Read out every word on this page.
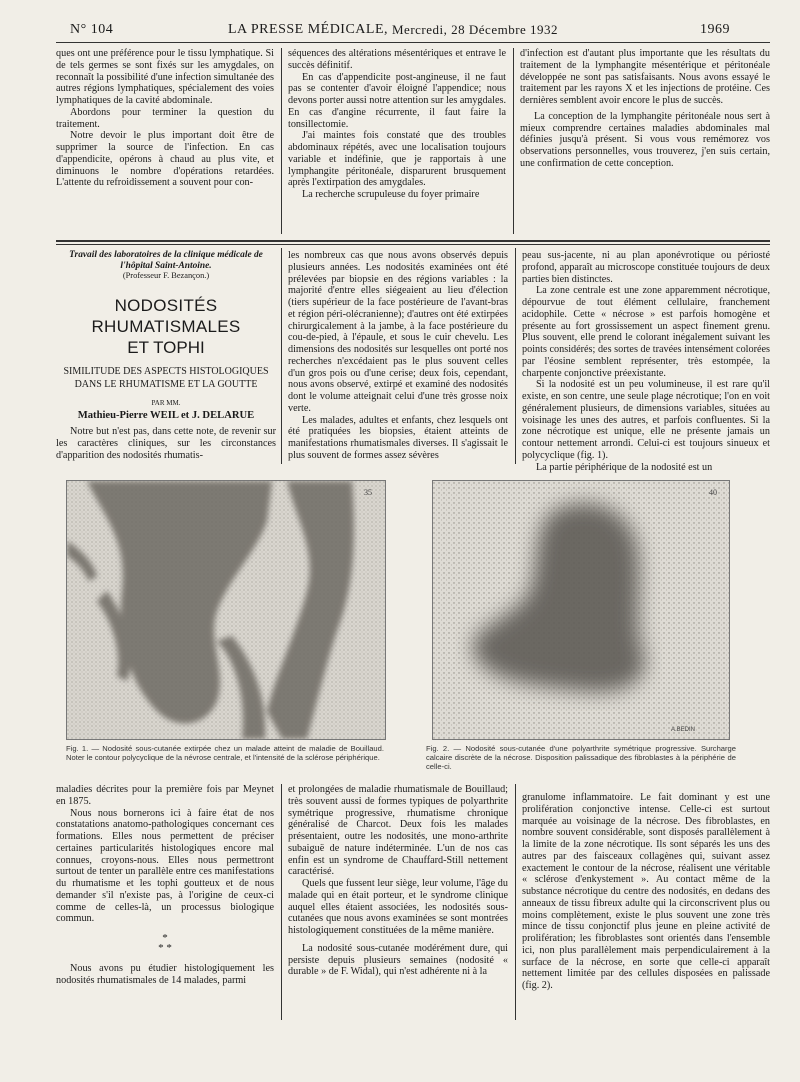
N° 104	LA PRESSE MÉDICALE, Mercredi, 28 Décembre 1932	1969

ques ont une préférence pour le tissu lymphatique. Si de tels germes se sont fixés sur les amygdales, on reconnaît la possibilité d'une infection simultanée des autres régions lymphatiques, spécialement des voies lymphatiques de la cavité abdominale.

Abordons pour terminer la question du traitement.

Notre devoir le plus important doit être de supprimer la source de l'infection. En cas d'appendicite, opérons à chaud au plus vite, et diminuons le nombre d'opérations retardées. L'attente du refroidissement a souvent pour con-

séquences des altérations mésentériques et entrave le succès définitif.

En cas d'appendicite post-angineuse, il ne faut pas se contenter d'avoir éloigné l'appendice; nous devons porter aussi notre attention sur les amygdales. En cas d'angine récurrente, il faut faire la tonsillectomie.

J'ai maintes fois constaté que des troubles abdominaux répétés, avec une localisation toujours variable et indéfinie, que je rapportais à une lymphangite péritonéale, disparurent brusquement après l'extirpation des amygdales.

La recherche scrupuleuse du foyer primaire

d'infection est d'autant plus importante que les résultats du traitement de la lymphangite mésentérique et péritonéale développée ne sont pas satisfaisants. Nous avons essayé le traitement par les rayons X et les injections de protéine. Ces dernières semblent avoir encore le plus de succès.

La conception de la lymphangite péritonéale nous sert à mieux comprendre certaines maladies abdominales mal définies jusqu'à présent. Si vous vous remémorez vos observations personnelles, vous trouverez, j'en suis certain, une confirmation de cette conception.

Travail des laboratoires de la clinique médicale de l'hôpital Saint-Antoine.
(Professeur F. Bezançon.)
NODOSITÉS RHUMATISMALES
ET TOPHI
SIMILITUDE DES ASPECTS HISTOLOGIQUES
DANS LE RHUMATISME ET LA GOUTTE
PAR MM.
Mathieu-Pierre WEIL et J. DELARUE

Notre but n'est pas, dans cette note, de revenir sur les caractères cliniques, sur les circonstances d'apparition des nodosités rhumatis-

les nombreux cas que nous avons observés depuis plusieurs années. Les nodosités examinées ont été prélevées par biopsie en des régions variables : la majorité d'entre elles siégeaient au lieu d'élection (tiers supérieur de la face postérieure de l'avant-bras et région péri-olécranienne); d'autres ont été extirpées chirurgicalement à la jambe, à la face postérieure du cou-de-pied, à l'épaule, et sous le cuir chevelu. Les dimensions des nodosités sur lesquelles ont porté nos recherches n'excédaient pas le plus souvent celles d'un gros pois ou d'une cerise; deux fois, cependant, nous avons observé, extirpé et examiné des nodosités dont le volume atteignait celui d'une très grosse noix verte.

Les malades, adultes et enfants, chez lesquels ont été pratiquées les biopsies, étaient atteints de manifestations rhumatismales diverses. Il s'agissait le plus souvent de formes assez sévères

peau sus-jacente, ni au plan aponévrotique ou périosté profond, apparaît au microscope constituée toujours de deux parties bien distinctes.

La zone centrale est une zone apparemment nécrotique, dépourvue de tout élément cellulaire, franchement acidophile. Cette « nécrose » est parfois homogène et présente au fort grossissement un aspect finement grenu. Plus souvent, elle prend le colorant inégalement suivant les points considérés; des sortes de travées intensément colorées par l'éosine semblent représenter, très estompée, la charpente conjonctive préexistante.

Si la nodosité est un peu volumineuse, il est rare qu'il existe, en son centre, une seule plage nécrotique; l'on en voit généralement plusieurs, de dimensions variables, situées au voisinage les unes des autres, et parfois confluentes. Si la zone nécrotique est unique, elle ne présente jamais un contour nettement arrondi. Celui-ci est toujours sinueux et polycyclique (fig. 1).

La partie périphérique de la nodosité est un

35
Fig. 1. — Nodosité sous-cutanée extirpée chez un malade atteint de maladie de Bouillaud. Noter le contour polycyclique de la névrose centrale, et l'intensité de la sclérose périphérique.
40
A.BEDIN
Fig. 2. — Nodosité sous-cutanée d'une polyarthrite symétrique progressive. Surcharge calcaire discrète de la nécrose. Disposition palissadique des fibroblastes à la périphérie de celle-ci.

maladies décrites pour la première fois par Meynet en 1875.

Nous nous bornerons ici à faire état de nos constatations anatomo-pathologiques concernant ces formations. Elles nous permettent de préciser certaines particularités histologiques encore mal connues, croyons-nous. Elles nous permettront surtout de tenter un parallèle entre ces manifestations du rhumatisme et les tophi goutteux et de nous demander s'il n'existe pas, à l'origine de ceux-ci comme de celles-là, un processus biologique commun.

*
* *

Nous avons pu étudier histologiquement les nodosités rhumatismales de 14 malades, parmi

et prolongées de maladie rhumatismale de Bouillaud; très souvent aussi de formes typiques de polyarthrite symétrique progressive, rhumatisme chronique généralisé de Charcot. Deux fois les malades présentaient, outre les nodosités, une mono-arthrite subaiguë de nature indéterminée. L'un de nos cas enfin est un syndrome de Chauffard-Still nettement caractérisé.

Quels que fussent leur siège, leur volume, l'âge du malade qui en était porteur, et le syndrome clinique auquel elles étaient associées, les nodosités sous-cutanées que nous avons examinées se sont montrées histologiquement constituées de la même manière.

La nodosité sous-cutanée modérément dure, qui persiste depuis plusieurs semaines (nodosité « durable » de F. Widal), qui n'est adhérente ni à la

granulome inflammatoire. Le fait dominant y est une prolifération conjonctive intense. Celle-ci est surtout marquée au voisinage de la nécrose. Des fibroblastes, en nombre souvent considérable, sont disposés parallèlement à la limite de la zone nécrotique. Ils sont séparés les uns des autres par des faisceaux collagènes qui, suivant assez exactement le contour de la nécrose, réalisent une véritable « sclérose d'enkystement ». Au contact même de la substance nécrotique du centre des nodosités, en dedans des anneaux de tissu fibreux adulte qui la circonscrivent plus ou moins complètement, existe le plus souvent une zone très mince de tissu conjonctif plus jeune en pleine activité de prolifération; les fibroblastes sont orientés dans l'ensemble ici, non plus parallèlement mais perpendiculairement à la surface de la nécrose, en sorte que celle-ci apparaît nettement limitée par des cellules disposées en palissade (fig. 2).
